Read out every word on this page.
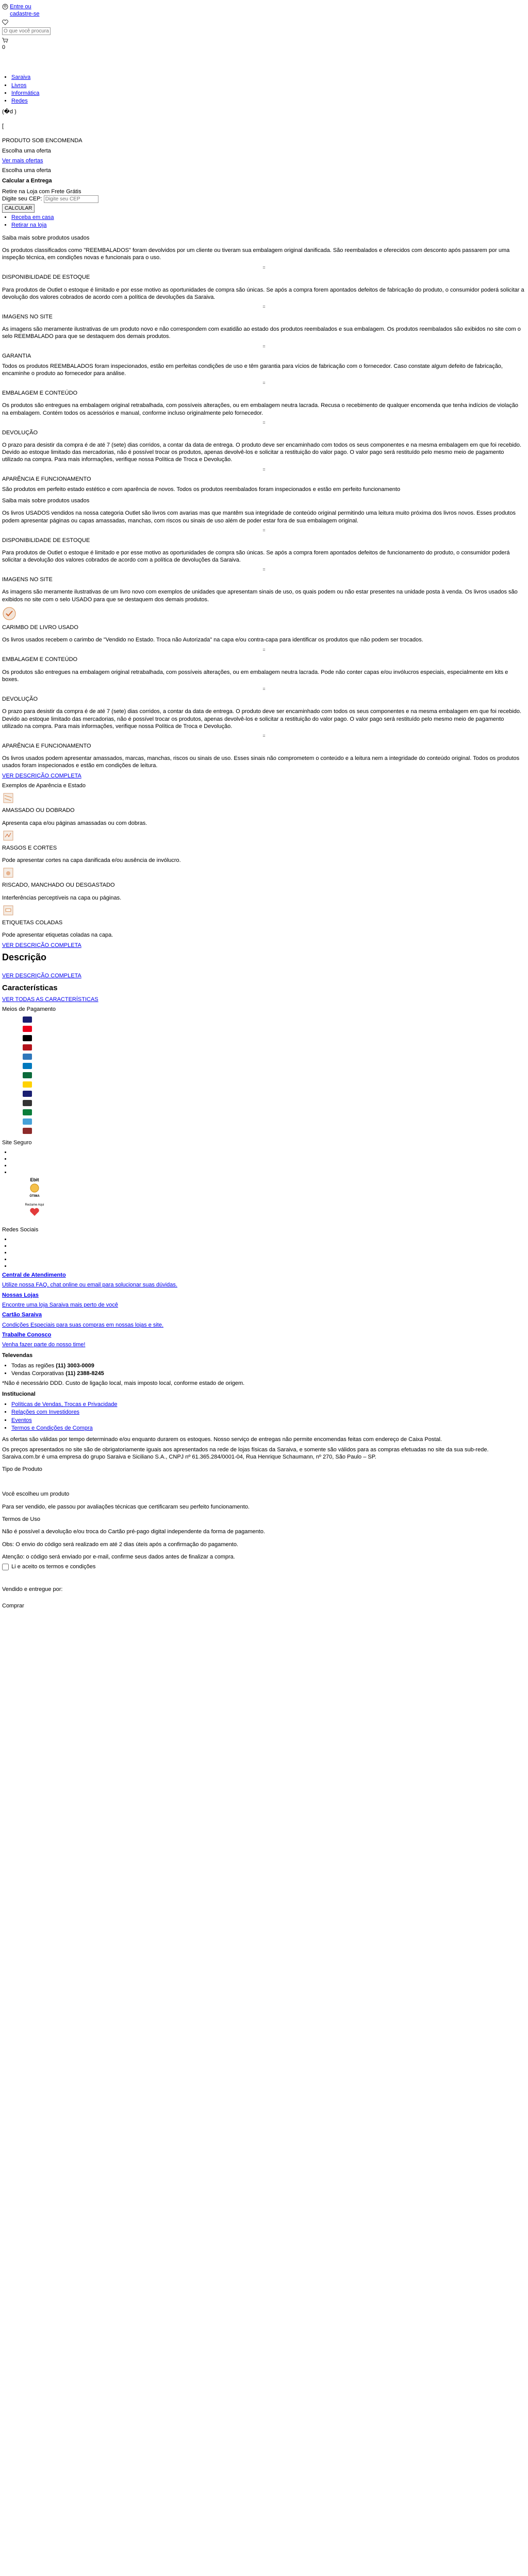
Entre ou cadastre-se
O que você procura?
0
• Saraiva
• Livros
• Informática
• Redes
(�d )
[

PRODUTO SOB ENCOMENDA

Escolha uma oferta

Ver mais ofertas

Escolha uma oferta

Calcular a Entrega

Retire na Loja com Frete Grátis

Digite seu CEP: Digite seu CEP
CALCULAR
• Receba em casa
• Retirar na loja

Saiba mais sobre produtos usados

Os produtos classificados como "REEMBALADOS" foram devolvidos por um cliente ou tiveram sua embalagem original danificada. São reembalados e oferecidos com desconto após passarem por uma inspeção técnica, em condições novas e funcionais para o uso.

=

DISPONIBILIDADE DE ESTOQUE

Para produtos de Outlet o estoque é limitado e por esse motivo as oportunidades de compra são únicas. Se após a compra forem apontados defeitos de fabricação do produto, o consumidor poderá solicitar a devolução dos valores cobrados de acordo com a política de devoluções da Saraiva.

=

IMAGENS NO SITE

As imagens são meramente ilustrativas de um produto novo e não correspondem com exatidão ao estado dos produtos reembalados e sua embalagem. Os produtos reembalados são exibidos no site com o selo REEMBALADO para que se destaquem dos demais produtos.

=

GARANTIA

Todos os produtos REEMBALADOS foram inspecionados, estão em perfeitas condições de uso e têm garantia para vícios de fabricação com o fornecedor. Caso constate algum defeito de fabricação, encaminhe o produto ao fornecedor para análise.

=

EMBALAGEM E CONTEÚDO

Os produtos são entregues na embalagem original retrabalhada, com possíveis alterações, ou em embalagem neutra lacrada. Recusa o recebimento de qualquer encomenda que tenha indícios de violação na embalagem. Contém todos os acessórios e manual, conforme incluso originalmente pelo fornecedor.

=

DEVOLUÇÃO

O prazo para desistir da compra é de até 7 (sete) dias corridos, a contar da data de entrega. O produto deve ser encaminhado com todos os seus componentes e na mesma embalagem em que foi recebido. Devido ao estoque limitado das mercadorias, não é possível trocar os produtos, apenas devolvê-los e solicitar a restituição do valor pago. O valor pago será restituído pelo mesmo meio de pagamento utilizado na compra. Para mais informações, verifique nossa Política de Troca e Devolução.

=

APARÊNCIA E FUNCIONAMENTO

São produtos em perfeito estado estético e com aparência de novos. Todos os produtos reembalados foram inspecionados e estão em perfeito funcionamento

Saiba mais sobre produtos usados

Os livros USADOS vendidos na nossa categoria Outlet são livros com avarias mas que mantêm sua integridade de conteúdo original permitindo uma leitura muito próxima dos livros novos. Esses produtos podem apresentar páginas ou capas amassadas, manchas, com riscos ou sinais de uso além de poder estar fora de sua embalagem original.

=

DISPONIBILIDADE DE ESTOQUE

Para produtos de Outlet o estoque é limitado e por esse motivo as oportunidades de compra são únicas. Se após a compra forem apontados defeitos de funcionamento do produto, o consumidor poderá solicitar a devolução dos valores cobrados de acordo com a política de devoluções da Saraiva.

=

IMAGENS NO SITE

As imagens são meramente ilustrativas de um livro novo com exemplos de unidades que apresentam sinais de uso, os quais podem ou não estar presentes na unidade posta à venda. Os livros usados são exibidos no site com o selo USADO para que se destaquem dos demais produtos.

CARIMBO DE LIVRO USADO

Os livros usados recebem o carimbo de "Vendido no Estado. Troca não Autorizada" na capa e/ou contra-capa para identificar os produtos que não podem ser trocados.

=

EMBALAGEM E CONTEÚDO

Os produtos são entregues na embalagem original retrabalhada, com possíveis alterações, ou em embalagem neutra lacrada. Pode não conter capas e/ou invólucros especiais, especialmente em kits e boxes.

=

DEVOLUÇÃO

O prazo para desistir da compra é de até 7 (sete) dias corridos, a contar da data de entrega. O produto deve ser encaminhado com todos os seus componentes e na mesma embalagem em que foi recebido. Devido ao estoque limitado das mercadorias, não é possível trocar os produtos, apenas devolvê-los e solicitar a restituição do valor pago. O valor pago será restituído pelo mesmo meio de pagamento utilizado na compra. Para mais informações, verifique nossa Política de Troca e Devolução.

=

APARÊNCIA E FUNCIONAMENTO

Os livros usados podem apresentar amassados, marcas, manchas, riscos ou sinais de uso. Esses sinais não comprometem o conteúdo e a leitura nem a integridade do conteúdo original. Todos os produtos usados foram inspecionados e estão em condições de leitura.

VER DESCRIÇÃO COMPLETA

Exemplos de Aparência e Estado

AMASSADO OU DOBRADO

Apresenta capa e/ou páginas amassadas ou com dobras.

RASGOS E CORTES

Pode apresentar cortes na capa danificada e/ou ausência de invólucro.

RISCADO, MANCHADO OU DESGASTADO

Interferências perceptíveis na capa ou páginas.

ETIQUETAS COLADAS

Pode apresentar etiquetas coladas na capa.

VER DESCRIÇÃO COMPLETA

Descrição

VER DESCRIÇÃO COMPLETA

Características

VER TODAS AS CARACTERÍSTICAS

Meios de Pagamento

Site Seguro

•
•
•
•
Ebit
ÓTIMA
Reclame Aqui

Redes Sociais

•
•
•
•
•

Central de Atendimento

Utilize nossa FAQ, chat online ou email para solucionar suas dúvidas.

Nossas Lojas

Encontre uma loja Saraiva mais perto de você

Cartão Saraiva

Condições Especiais para suas compras em nossas lojas e site.

Trabalhe Conosco

Venha fazer parte do nosso time!

Televendas
• Todas as regiões (11) 3003-0009
• Vendas Corporativas (11) 2388-8245

*Não é necessário DDD. Custo de ligação local, mais imposto local, conforme estado de origem.

Institucional
• Políticas de Vendas, Trocas e Privacidade
• Relações com Investidores
• Eventos
• Termos e Condições de Compra

As ofertas são válidas por tempo determinado e/ou enquanto durarem os estoques. Nosso serviço de entregas não permite encomendas feitas com endereço de Caixa Postal.

Os preços apresentados no site são de obrigatoriamente iguais aos apresentados na rede de lojas físicas da Saraiva, e somente são válidos para as compras efetuadas no site da sua sub-rede. Saraiva.com.br é uma empresa do grupo Saraiva e Siciliano S.A., CNPJ nº 61.365.284/0001-04, Rua Henrique Schaumann, nº 270, São Paulo – SP.

Tipo de Produto

Você escolheu um produto

Para ser vendido, ele passou por avaliações técnicas que certificaram seu perfeito funcionamento.

Termos de Uso

Não é possível a devolução e/ou troca do Cartão pré-pago digital independente da forma de pagamento.

Obs: O envio do código será realizado em até 2 dias úteis após a confirmação do pagamento.

Atenção: o código será enviado por e-mail, confirme seus dados antes de finalizar a compra.

Li e aceito os termos e condições

Vendido e entregue por:

Comprar
